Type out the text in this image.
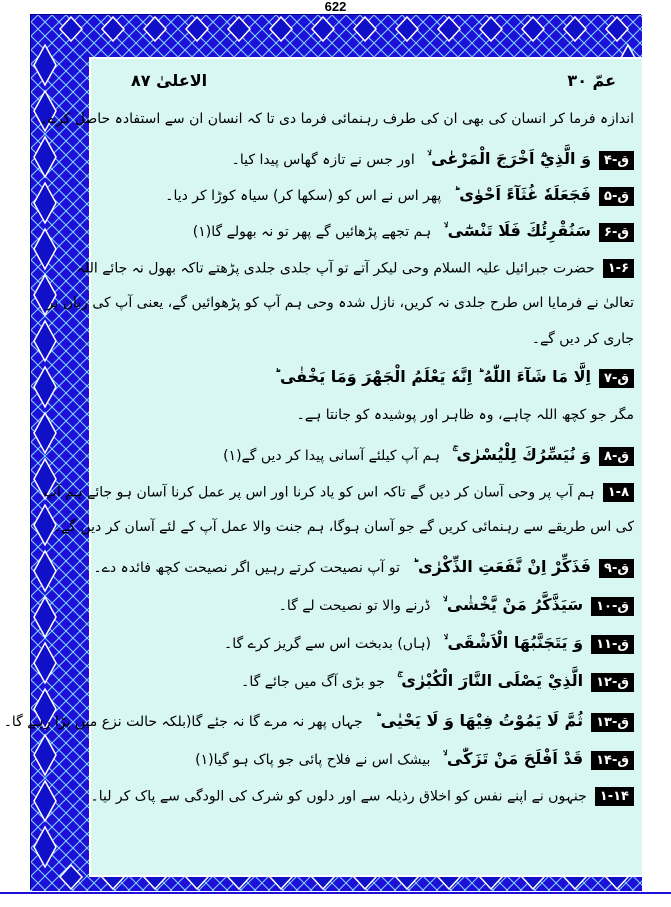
622
عمّ ۳۰
الاعلیٰ ۸۷
اندازہ فرما کر انسان کی بھی ان کی طرف رہنمائی فرما دی تا کہ انسان ان سے استفادہ حاصل کرے۔
ق-۴وَ الَّذِيْٓ اَخْرَجَ الْمَرْعٰى ۙ اور جس نے تازہ گھاس پیدا کیا۔
ق-۵فَجَعَلَهٗ غُثَآءً اَحْوٰى ؕ پھر اس نے اس کو (سکھا کر) سیاہ کوڑا کر دیا۔
ق-۶سَنُقْرِئُكَ فَلَا تَنْسٰٓى ۙ ہم تجھے پڑھائیں گے پھر تو نہ بھولے گا(۱)
۱-۶حضرت جبرائیل علیہ السلام وحی لیکر آتے تو آپ جلدی جلدی پڑھتے تاکہ بھول نہ جائے اللہ
تعالیٰ نے فرمایا اس طرح جلدی نہ کریں، نازل شدہ وحی ہم آپ کو پڑھوائیں گے، یعنی آپ کی زبان پر
جاری کر دیں گے۔
ق-۷اِلَّا مَا شَآءَ اللّٰهُ ؕ اِنَّهٗ يَعْلَمُ الْجَهْرَ وَمَا يَخْفٰى ؕ
مگر جو کچھ اللہ چاہے، وہ ظاہر اور پوشیدہ کو جانتا ہے۔
ق-۸وَ نُيَسِّرُكَ لِلْيُسْرٰى ۚ ہم آپ کیلئے آسانی پیدا کر دیں گے(۱)
۱-۸ہم آپ پر وحی آسان کر دیں گے تاکہ اس کو یاد کرنا اور اس پر عمل کرنا آسان ہو جائے ہم آپ
کی اس طریقے سے رہنمائی کریں گے جو آسان ہوگا، ہم جنت والا عمل آپ کے لئے آسان کر دیں گے۔
ق-۹فَذَكِّرْ اِنْ نَّفَعَتِ الذِّكْرٰى ؕ تو آپ نصیحت کرتے رہیں اگر نصیحت کچھ فائدہ دے۔
ق-۱۰سَيَذَّكَّرُ مَنْ يَّخْشٰى ۙ ڈرنے والا تو نصیحت لے گا۔
ق-۱۱وَ يَتَجَنَّبُهَا الْاَشْقَى ۙ (ہاں) بدبخت اس سے گریز کرے گا۔
ق-۱۲الَّذِيْ يَصْلَى النَّارَ الْكُبْرٰى ۚ جو بڑی آگ میں جائے گا۔
ق-۱۳ثُمَّ لَا يَمُوْتُ فِيْهَا وَ لَا يَحْيٰى ؕ جہاں پھر نہ مرے گا نہ جئے گا(بلکہ حالت نزع میں پڑا رہے گا۔
ق-۱۴قَدْ اَفْلَحَ مَنْ تَزَكّٰى ۙ بیشک اس نے فلاح پائی جو پاک ہو گیا(۱)
۱-۱۴جنہوں نے اپنے نفس کو اخلاق رذیلہ سے اور دلوں کو شرک کی الودگی سے پاک کر لیا۔
